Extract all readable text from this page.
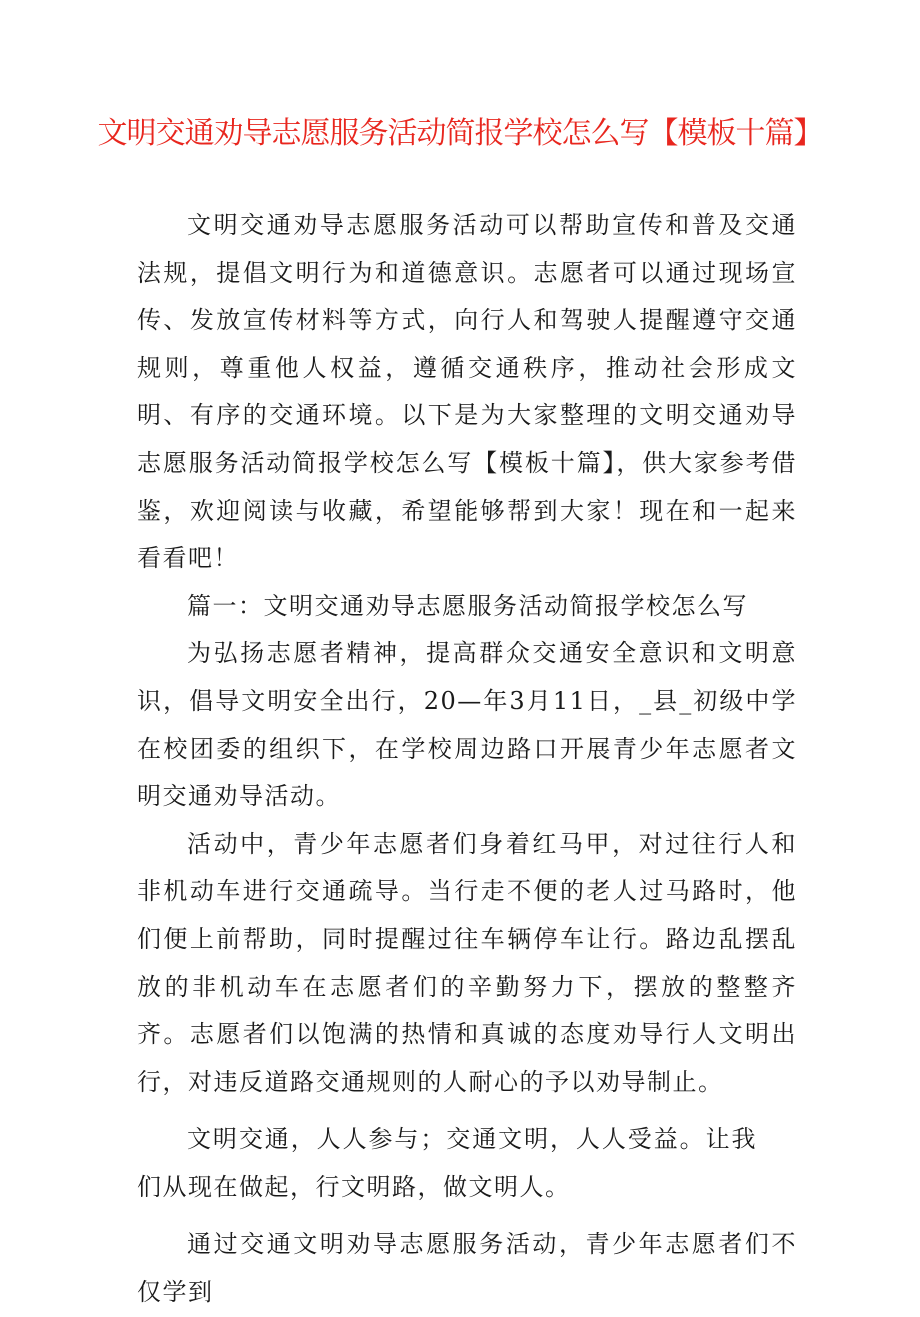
文明交通劝导志愿服务活动简报学校怎么写【模板十篇】

文明交通劝导志愿服务活动可以帮助宣传和普及交通法规，提倡文明行为和道德意识。志愿者可以通过现场宣传、发放宣传材料等方式，向行人和驾驶人提醒遵守交通规则，尊重他人权益，遵循交通秩序，推动社会形成文明、有序的交通环境。以下是为大家整理的文明交通劝导志愿服务活动简报学校怎么写【模板十篇】，供大家参考借鉴，欢迎阅读与收藏，希望能够帮到大家！现在和一起来看看吧！

篇一：文明交通劝导志愿服务活动简报学校怎么写

为弘扬志愿者精神，提高群众交通安全意识和文明意识，倡导文明安全出行，20—年3月11日，_县_初级中学在校团委的组织下，在学校周边路口开展青少年志愿者文明交通劝导活动。

活动中，青少年志愿者们身着红马甲，对过往行人和非机动车进行交通疏导。当行走不便的老人过马路时，他们便上前帮助，同时提醒过往车辆停车让行。路边乱摆乱放的非机动车在志愿者们的辛勤努力下，摆放的整整齐齐。志愿者们以饱满的热情和真诚的态度劝导行人文明出行，对违反道路交通规则的人耐心的予以劝导制止。

文明交通，人人参与；交通文明，人人受益。让我们从现在做起，行文明路，做文明人。

通过交通文明劝导志愿服务活动，青少年志愿者们不仅学到
